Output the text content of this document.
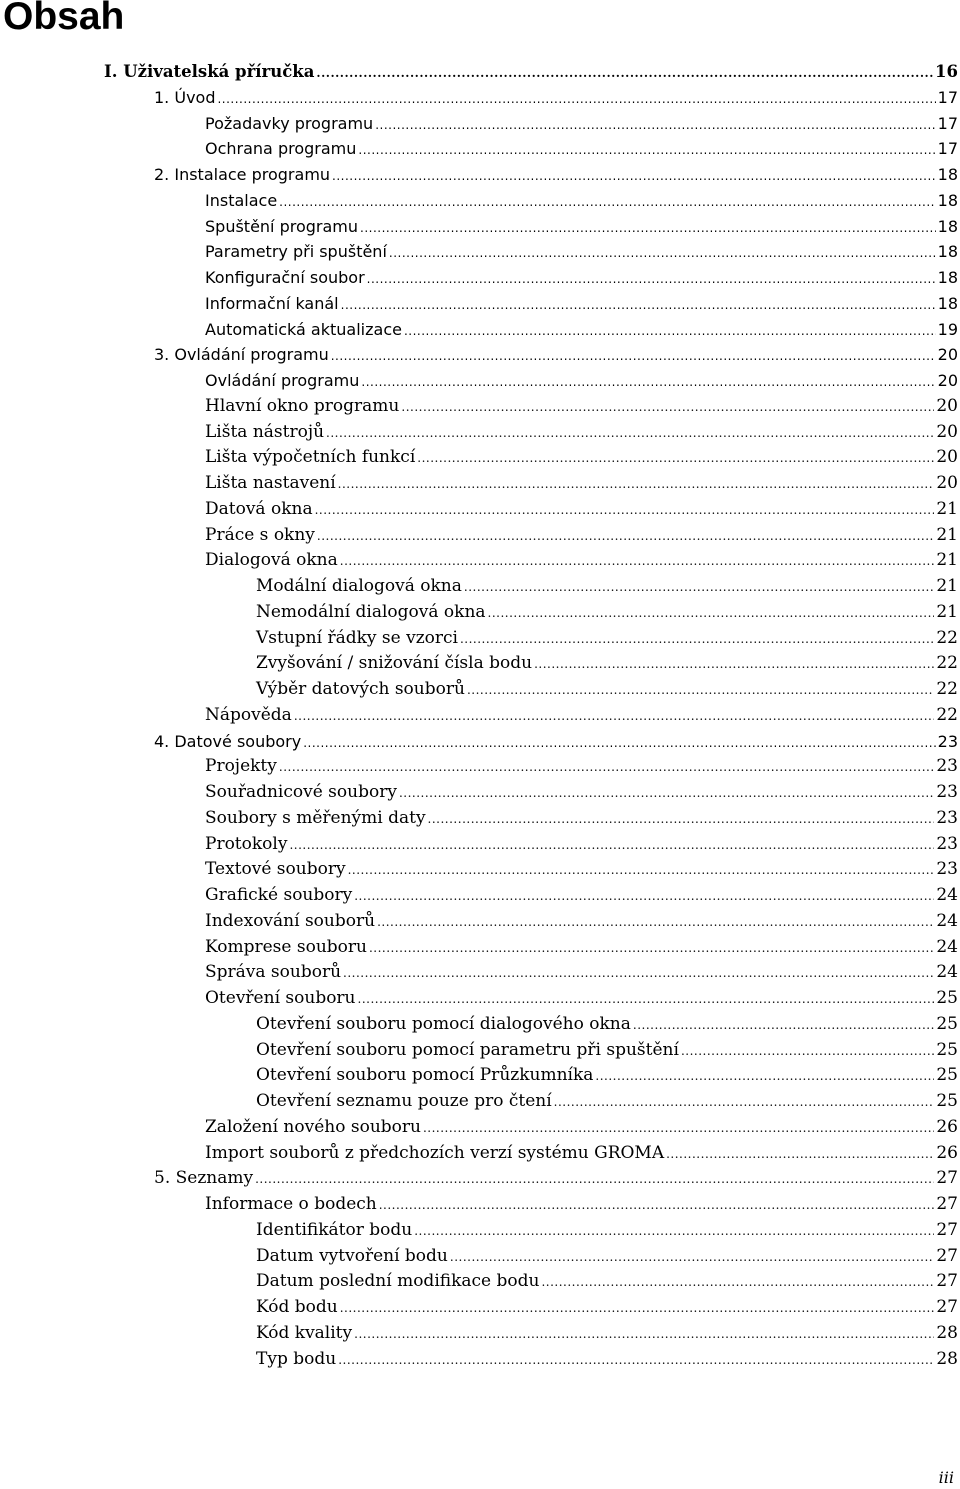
Obsah
I. Uživatelská příručka .....	16
1. Úvod .....	17
Požadavky programu .....	17
Ochrana programu .....	17
2. Instalace programu .....	18
Instalace .....	18
Spuštění programu .....	18
Parametry při spuštění .....	18
Konfigurační soubor .....	18
Informační kanál .....	18
Automatická aktualizace .....	19
3. Ovládání programu .....	20
Ovládání programu .....	20
Hlavní okno programu .....	20
Lišta nástrojů .....	20
Lišta výpočetních funkcí .....	20
Lišta nastavení .....	20
Datová okna .....	21
Práce s okny .....	21
Dialogová okna .....	21
Modální dialogová okna .....	21
Nemodální dialogová okna .....	21
Vstupní řádky se vzorci .....	22
Zvyšování / snižování čísla bodu .....	22
Výběr datových souborů .....	22
Nápověda .....	22
4. Datové soubory .....	23
Projekty .....	23
Souřadnicové soubory .....	23
Soubory s měřenými daty .....	23
Protokoly .....	23
Textové soubory .....	23
Grafické soubory .....	24
Indexování souborů .....	24
Komprese souboru .....	24
Správa souborů .....	24
Otevření souboru .....	25
Otevření souboru pomocí dialogového okna .....	25
Otevření souboru pomocí parametru při spuštění .....	25
Otevření souboru pomocí Průzkumníka .....	25
Otevření seznamu pouze pro čtení .....	25
Založení nového souboru .....	26
Import souborů z předchozích verzí systému GROMA .....	26
5. Seznamy .....	27
Informace o bodech .....	27
Identifikátor bodu .....	27
Datum vytvoření bodu .....	27
Datum poslední modifikace bodu .....	27
Kód bodu .....	27
Kód kvality .....	28
Typ bodu .....	28
iii
